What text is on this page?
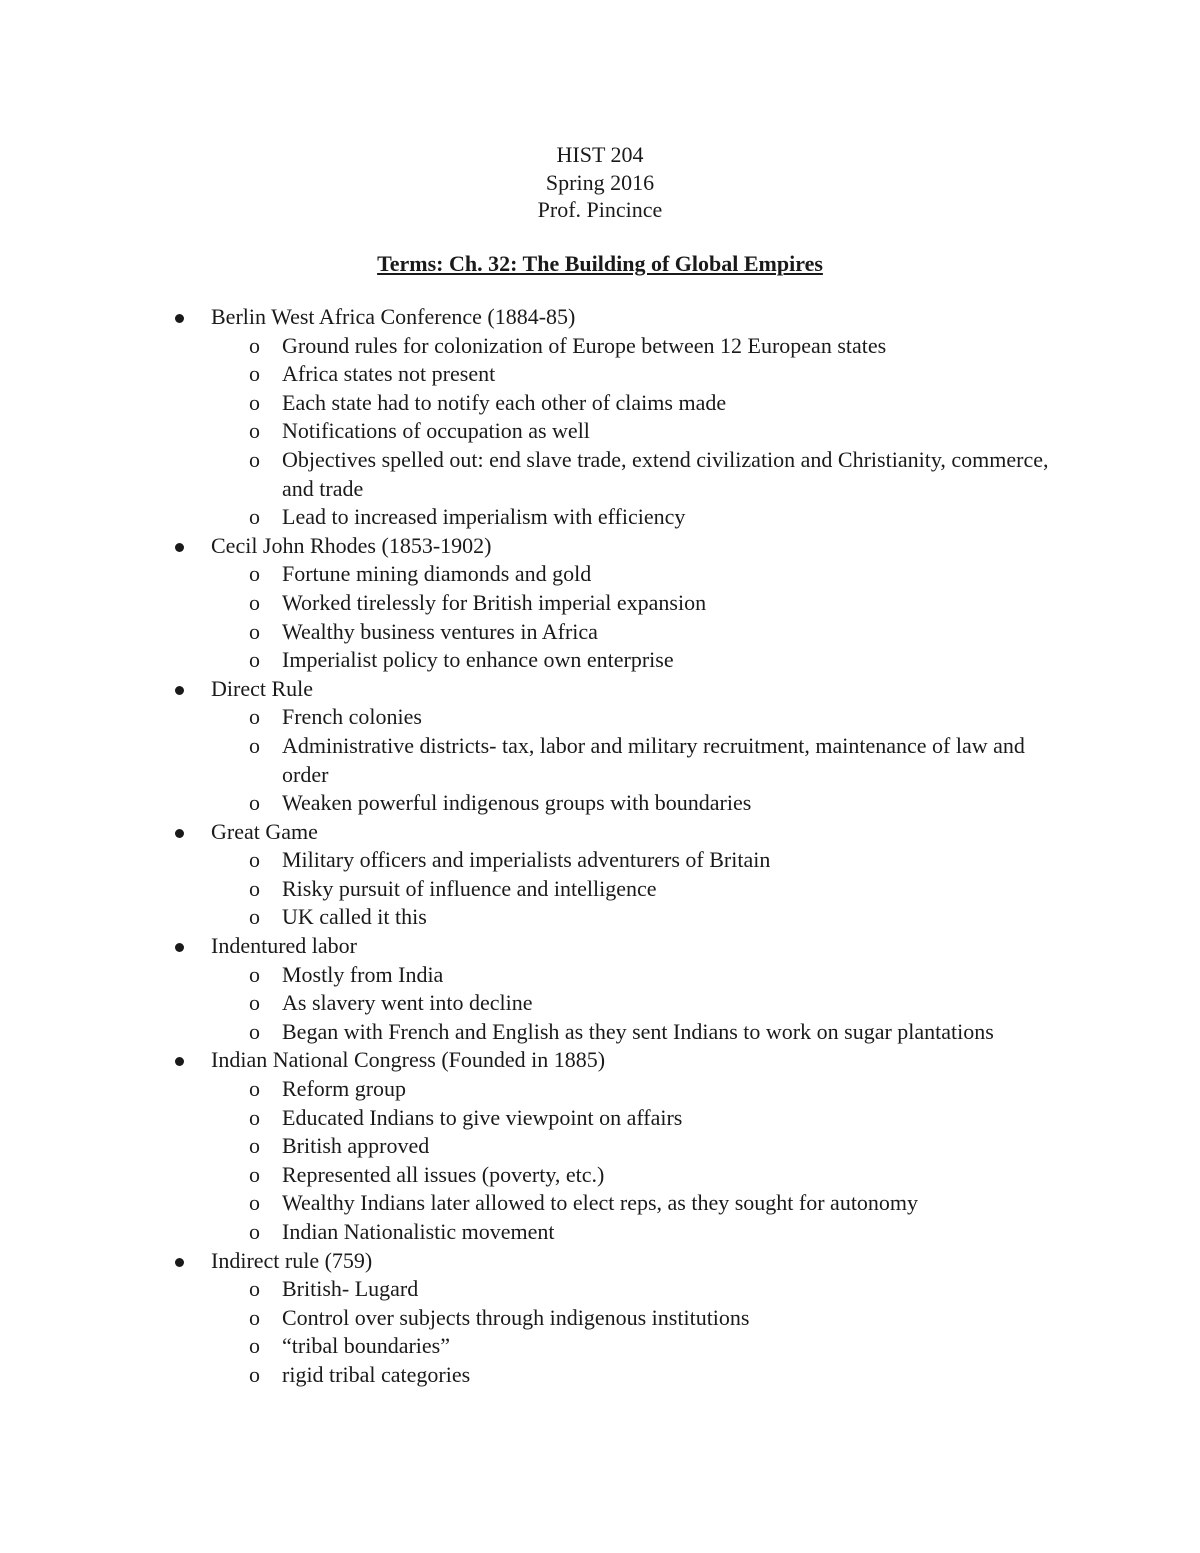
HIST 204
Spring 2016
Prof. Pincince
Terms: Ch. 32: The Building of Global Empires
Berlin West Africa Conference (1884-85)
o Ground rules for colonization of Europe between 12 European states
o Africa states not present
o Each state had to notify each other of claims made
o Notifications of occupation as well
o Objectives spelled out: end slave trade, extend civilization and Christianity, commerce, and trade
o Lead to increased imperialism with efficiency
Cecil John Rhodes (1853-1902)
o Fortune mining diamonds and gold
o Worked tirelessly for British imperial expansion
o Wealthy business ventures in Africa
o Imperialist policy to enhance own enterprise
Direct Rule
o French colonies
o Administrative districts- tax, labor and military recruitment, maintenance of law and order
o Weaken powerful indigenous groups with boundaries
Great Game
o Military officers and imperialists adventurers of Britain
o Risky pursuit of influence and intelligence
o UK called it this
Indentured labor
o Mostly from India
o As slavery went into decline
o Began with French and English as they sent Indians to work on sugar plantations
Indian National Congress (Founded in 1885)
o Reform group
o Educated Indians to give viewpoint on affairs
o British approved
o Represented all issues (poverty, etc.)
o Wealthy Indians later allowed to elect reps, as they sought for autonomy
o Indian Nationalistic movement
Indirect rule (759)
o British- Lugard
o Control over subjects through indigenous institutions
o “tribal boundaries”
o rigid tribal categories
